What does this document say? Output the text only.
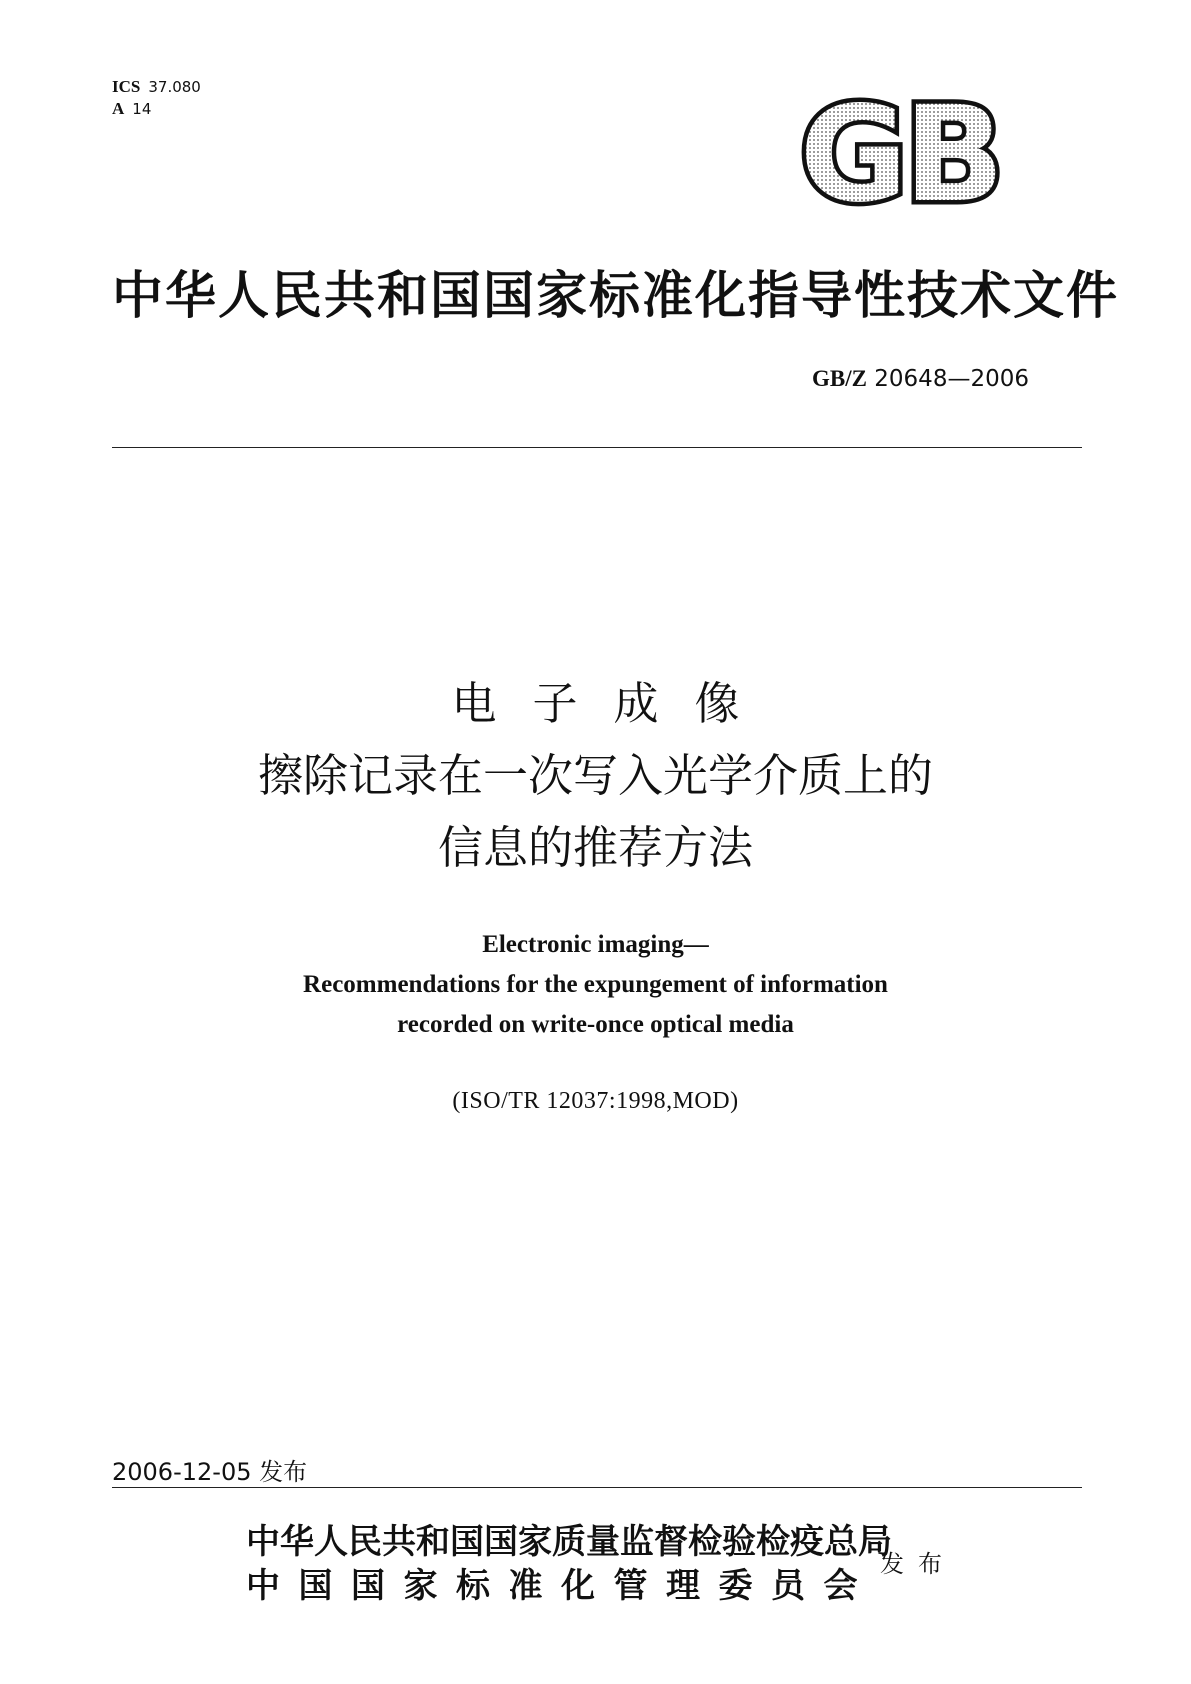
ICS 37.080
A 14	GB
中华人民共和国国家标准化指导性技术文件
GB/Z 20648—2006
电子成像
擦除记录在一次写入光学介质上的
信息的推荐方法
Electronic imaging—
Recommendations for the expungement of information
recorded on write-once optical media
(ISO/TR 12037:1998,MOD)
2006-12-05 发布
中华人民共和国国家质量监督检验检疫总局
中国国家标准化管理委员会
发布
